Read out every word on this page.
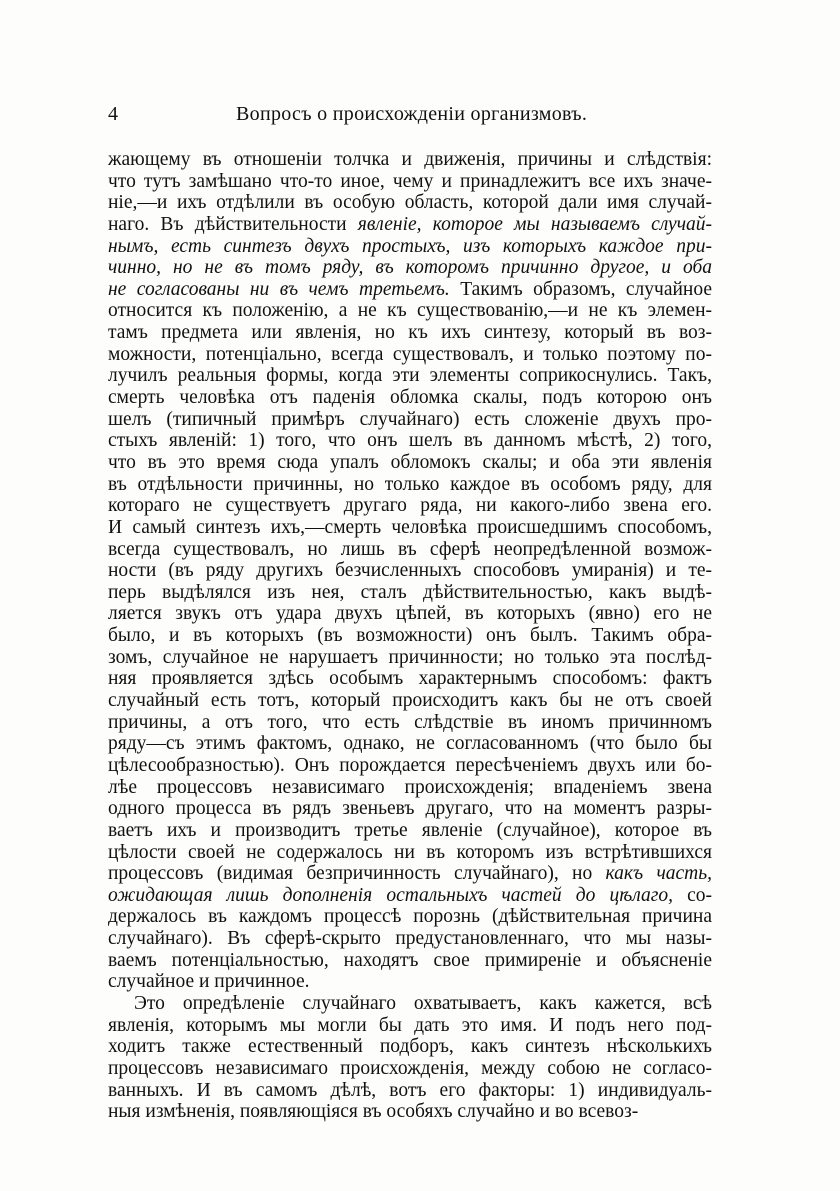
4	Вопросъ о происхожденіи организмовъ.
жающему въ отношеніи толчка и движенія, причины и слѣдствія:
что тутъ замѣшано что-то иное, чему и принадлежитъ все ихъ значе-
ніе,—и ихъ отдѣлили въ особую область, которой дали имя случай-
наго. Въ дѣйствительности явленіе, которое мы называемъ случай-
нымъ, есть синтезъ двухъ простыхъ, изъ которыхъ каждое при-
чинно, но не въ томъ ряду, въ которомъ причинно другое, и оба
не согласованы ни въ чемъ третьемъ. Такимъ образомъ, случайное
относится къ положенію, а не къ существованію,—и не къ элемен-
тамъ предмета или явленія, но къ ихъ синтезу, который въ воз-
можности, потенціально, всегда существовалъ, и только поэтому по-
лучилъ реальныя формы, когда эти элементы соприкоснулись. Такъ,
смерть человѣка отъ паденія обломка скалы, подъ которою онъ
шелъ (типичный примѣръ случайнаго) есть сложеніе двухъ про-
стыхъ явленій: 1) того, что онъ шелъ въ данномъ мѣстѣ, 2) того,
что въ это время сюда упалъ обломокъ скалы; и оба эти явленія
въ отдѣльности причинны, но только каждое въ особомъ ряду, для
котораго не существуетъ другаго ряда, ни какого-либо звена его.
И самый синтезъ ихъ,—смерть человѣка происшедшимъ способомъ,
всегда существовалъ, но лишь въ сферѣ неопредѣленной возмож-
ности (въ ряду другихъ безчисленныхъ способовъ умиранія) и те-
перь выдѣлялся изъ нея, сталъ дѣйствительностью, какъ выдѣ-
ляется звукъ отъ удара двухъ цѣпей, въ которыхъ (явно) его не
было, и въ которыхъ (въ возможности) онъ былъ. Такимъ обра-
зомъ, случайное не нарушаетъ причинности; но только эта послѣд-
няя проявляется здѣсь особымъ характернымъ способомъ: фактъ
случайный есть тотъ, который происходитъ какъ бы не отъ своей
причины, а отъ того, что есть слѣдствіе въ иномъ причинномъ
ряду—съ этимъ фактомъ, однако, не согласованномъ (что было бы
цѣлесообразностью). Онъ порождается пересѣченіемъ двухъ или бо-
лѣе процессовъ независимаго происхожденія; впаденіемъ звена
одного процесса въ рядъ звеньевъ другаго, что на моментъ разры-
ваетъ ихъ и производитъ третье явленіе (случайное), которое въ
цѣлости своей не содержалось ни въ которомъ изъ встрѣтившихся
процессовъ (видимая безпричинность случайнаго), но какъ часть,
ожидающая лишь дополненія остальныхъ частей до цѣлаго, со-
держалось въ каждомъ процессѣ порознь (дѣйствительная причина
случайнаго). Въ сферѣ-скрыто предустановленнаго, что мы назы-
ваемъ потенціальностью, находятъ свое примиреніе и объясненіе
случайное и причинное.
Это опредѣленіе случайнаго охватываетъ, какъ кажется, всѣ
явленія, которымъ мы могли бы дать это имя. И подъ него под-
ходитъ также естественный подборъ, какъ синтезъ нѣсколькихъ
процессовъ независимаго происхожденія, между собою не согласо-
ванныхъ. И въ самомъ дѣлѣ, вотъ его факторы: 1) индивидуаль-
ныя измѣненія, появляющіяся въ особяхъ случайно и во всевоз-
